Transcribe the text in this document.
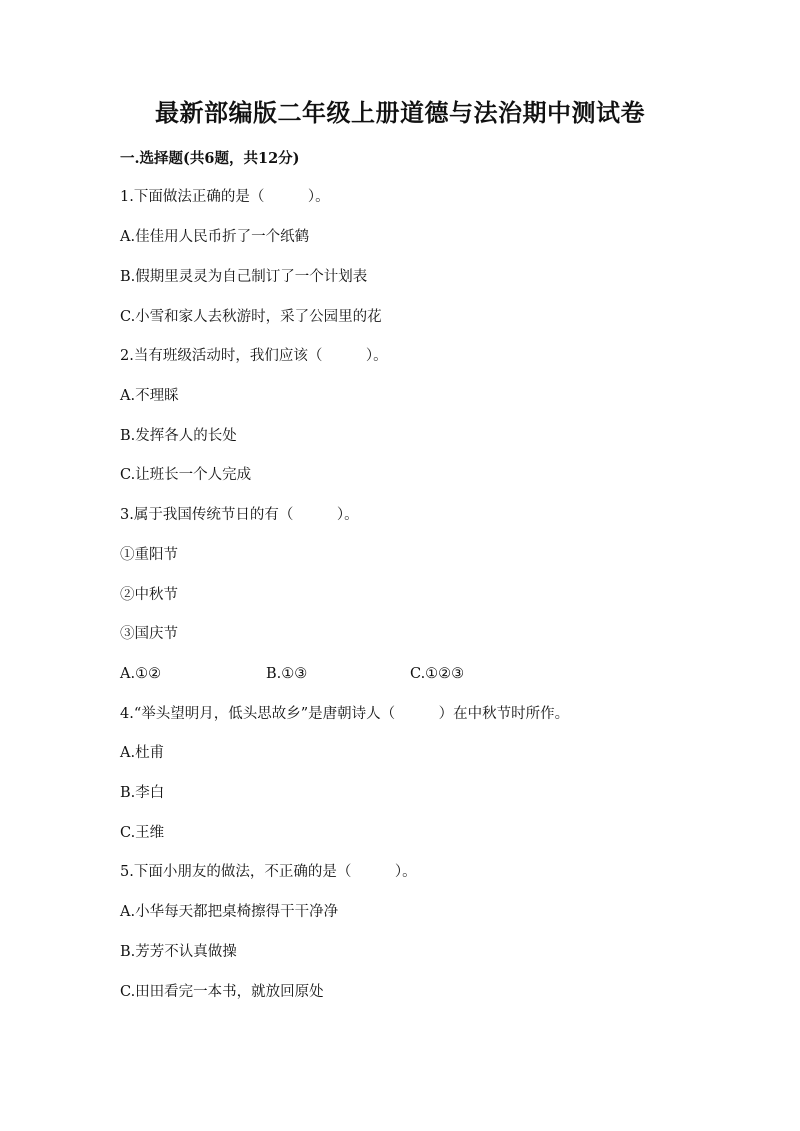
最新部编版二年级上册道德与法治期中测试卷
一.选择题(共6题，共12分)
1.下面做法正确的是（　　　）。
A.佳佳用人民币折了一个纸鹤
B.假期里灵灵为自己制订了一个计划表
C.小雪和家人去秋游时，采了公园里的花
2.当有班级活动时，我们应该（　　　）。
A.不理睬
B.发挥各人的长处
C.让班长一个人完成
3.属于我国传统节日的有（　　　）。
①重阳节
②中秋节
③国庆节
A.①②	B.①③	C.①②③
4.“举头望明月，低头思故乡”是唐朝诗人（　　　）在中秋节时所作。
A.杜甫
B.李白
C.王维
5.下面小朋友的做法，不正确的是（　　　）。
A.小华每天都把桌椅擦得干干净净
B.芳芳不认真做操
C.田田看完一本书，就放回原处
